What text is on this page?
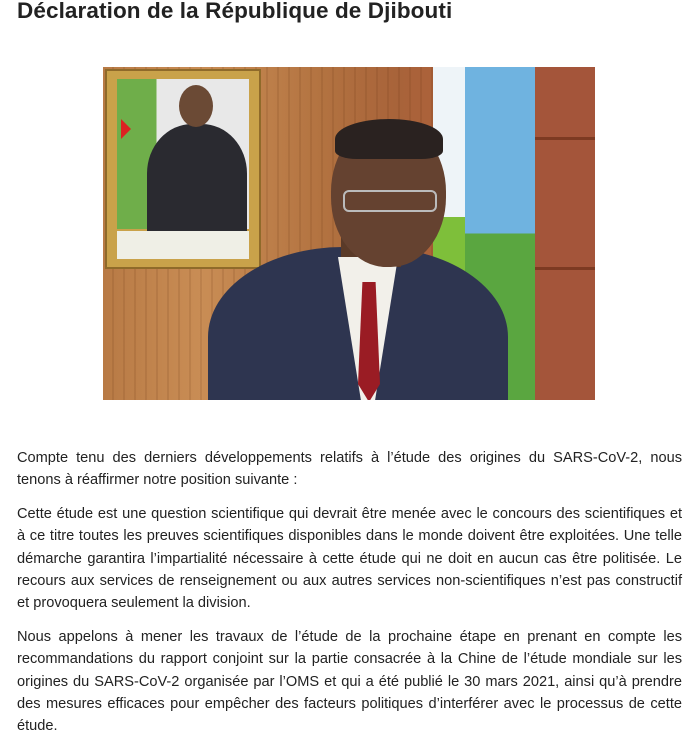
Déclaration de la République de Djibouti

Compte tenu des derniers développements relatifs à l’étude des origines du SARS-CoV-2, nous tenons à réaffirmer notre position suivante :

Cette étude est une question scientifique qui devrait être menée avec le concours des scientifiques et à ce titre toutes les preuves scientifiques disponibles dans le monde doivent être exploitées. Une telle démarche garantira l’impartialité nécessaire à cette étude qui ne doit en aucun cas être politisée. Le recours aux services de renseignement ou aux autres services non-scientifiques n’est pas constructif et provoquera seulement la division.

Nous appelons à mener les travaux de l’étude de la prochaine étape en prenant en compte les recommandations du rapport conjoint sur la partie consacrée à la Chine de l’étude mondiale sur les origines du SARS-CoV-2 organisée par l’OMS et qui a été publié le 30 mars 2021, ainsi qu’à prendre des mesures efficaces pour empêcher des facteurs politiques d’interférer avec le processus de cette étude.
